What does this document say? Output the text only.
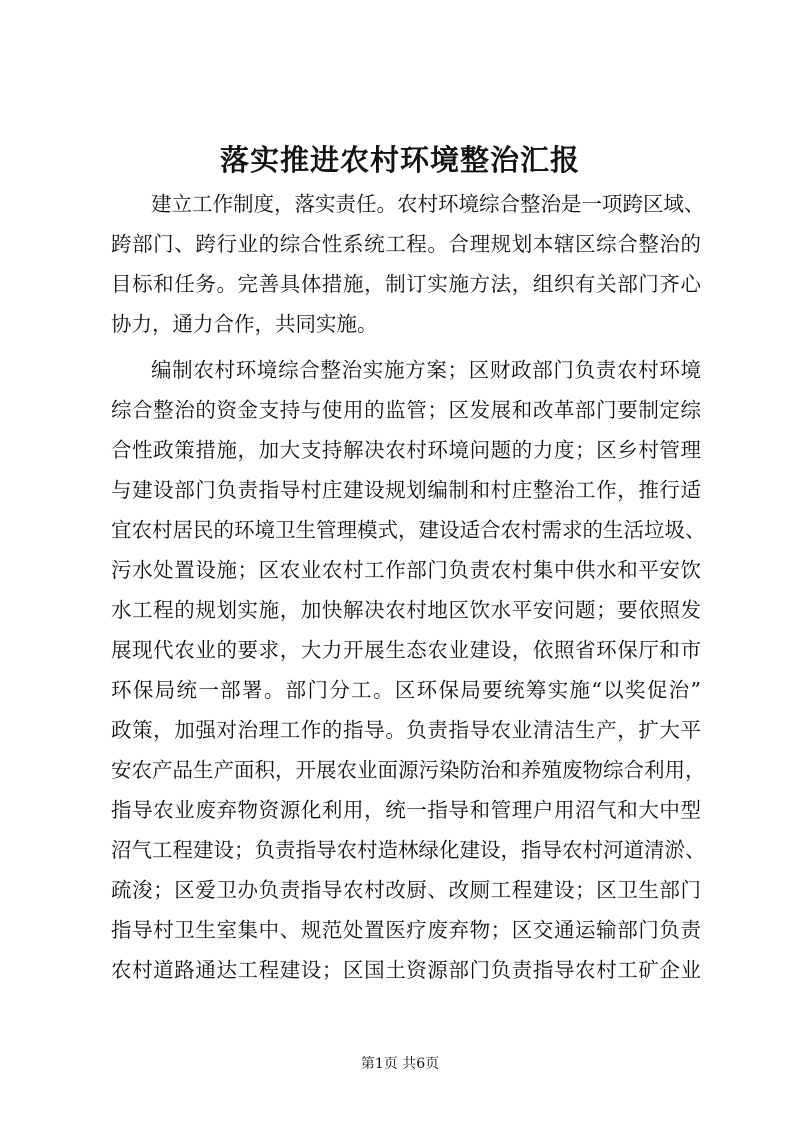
落实推进农村环境整治汇报
建立工作制度，落实责任。农村环境综合整治是一项跨区域、
跨部门、跨行业的综合性系统工程。合理规划本辖区综合整治的
目标和任务。完善具体措施，制订实施方法，组织有关部门齐心
协力，通力合作，共同实施。
编制农村环境综合整治实施方案；区财政部门负责农村环境
综合整治的资金支持与使用的监管；区发展和改革部门要制定综
合性政策措施，加大支持解决农村环境问题的力度；区乡村管理
与建设部门负责指导村庄建设规划编制和村庄整治工作，推行适
宜农村居民的环境卫生管理模式，建设适合农村需求的生活垃圾、
污水处置设施；区农业农村工作部门负责农村集中供水和平安饮
水工程的规划实施，加快解决农村地区饮水平安问题；要依照发
展现代农业的要求，大力开展生态农业建设，依照省环保厅和市
环保局统一部署。部门分工。区环保局要统筹实施“以奖促治”
政策，加强对治理工作的指导。负责指导农业清洁生产，扩大平
安农产品生产面积，开展农业面源污染防治和养殖废物综合利用，
指导农业废弃物资源化利用，统一指导和管理户用沼气和大中型
沼气工程建设；负责指导农村造林绿化建设，指导农村河道清淤、
疏浚；区爱卫办负责指导农村改厨、改厕工程建设；区卫生部门
指导村卫生室集中、规范处置医疗废弃物；区交通运输部门负责
农村道路通达工程建设；区国土资源部门负责指导农村工矿企业
第1页 共6页
